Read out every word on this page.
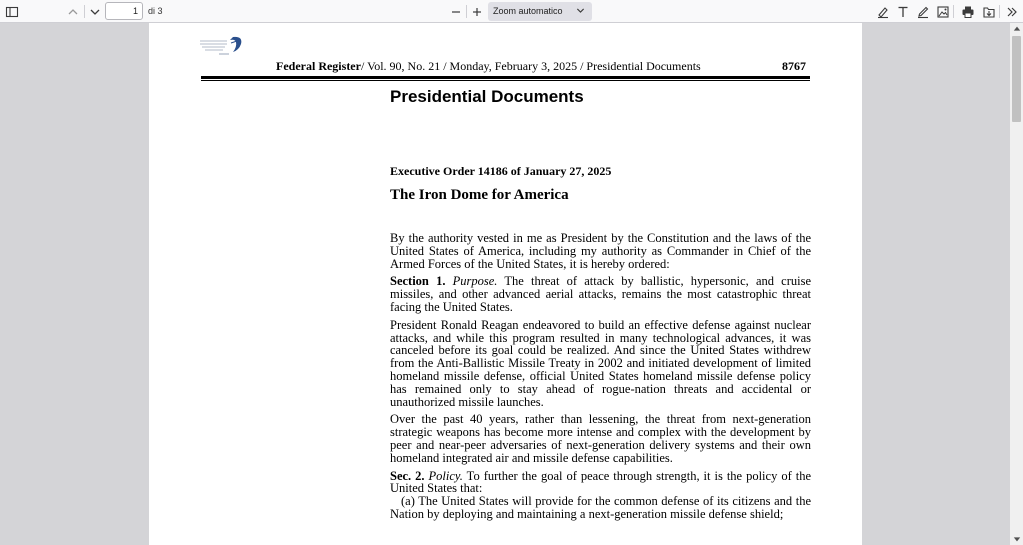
1
di 3	Zoom automatico
Federal Register/ Vol. 90, No. 21 / Monday, February 3, 2025 / Presidential Documents	8767
Presidential Documents
Executive Order 14186 of January 27, 2025
The Iron Dome for America

By the authority vested in me as President by the Constitution and the laws of the United States of America, including my authority as Commander in Chief of the Armed Forces of the United States, it is hereby ordered:

Section 1. Purpose. The threat of attack by ballistic, hypersonic, and cruise missiles, and other advanced aerial attacks, remains the most catastrophic threat facing the United States.

President Ronald Reagan endeavored to build an effective defense against nuclear attacks, and while this program resulted in many technological advances, it was canceled before its goal could be realized. And since the United States withdrew from the Anti-Ballistic Missile Treaty in 2002 and initiated development of limited homeland missile defense, official United States homeland missile defense policy has remained only to stay ahead of rogue-nation threats and accidental or unauthorized missile launches.

Over the past 40 years, rather than lessening, the threat from next-generation strategic weapons has become more intense and complex with the development by peer and near-peer adversaries of next-generation delivery systems and their own homeland integrated air and missile defense capabilities.

Sec. 2. Policy. To further the goal of peace through strength, it is the policy of the United States that:

(a) The United States will provide for the common defense of its citizens and the Nation by deploying and maintaining a next-generation missile defense shield;
